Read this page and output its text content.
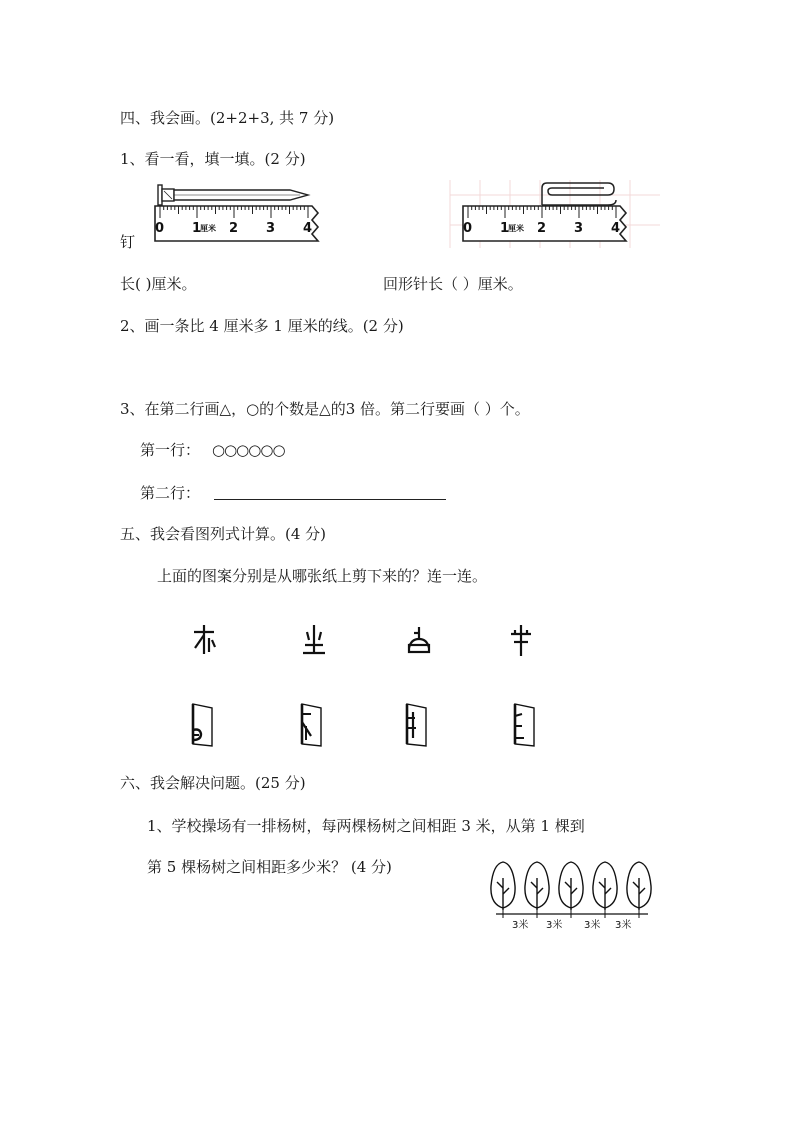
四、我会画。(2+2+3, 共 7 分)
1、看一看，填一填。(2 分)
0 1
厘米 2 3 4	0 1
厘米 2 3 4
钉
长( )厘米。	回形针长（ ）厘米。
2、画一条比 4 厘米多 1 厘米的线。(2 分)
3、在第二行画△，○的个数是△的3 倍。第二行要画（ ）个。
第一行： ○○○○○○
第二行：
五、我会看图列式计算。(4 分)
上面的图案分别是从哪张纸上剪下来的？连一连。
六、我会解决问题。(25 分)
1、学校操场有一排杨树，每两棵杨树之间相距 3 米，从第 1 棵到
第 5 棵杨树之间相距多少米？ (4 分)
3米 3米 3米 3米
